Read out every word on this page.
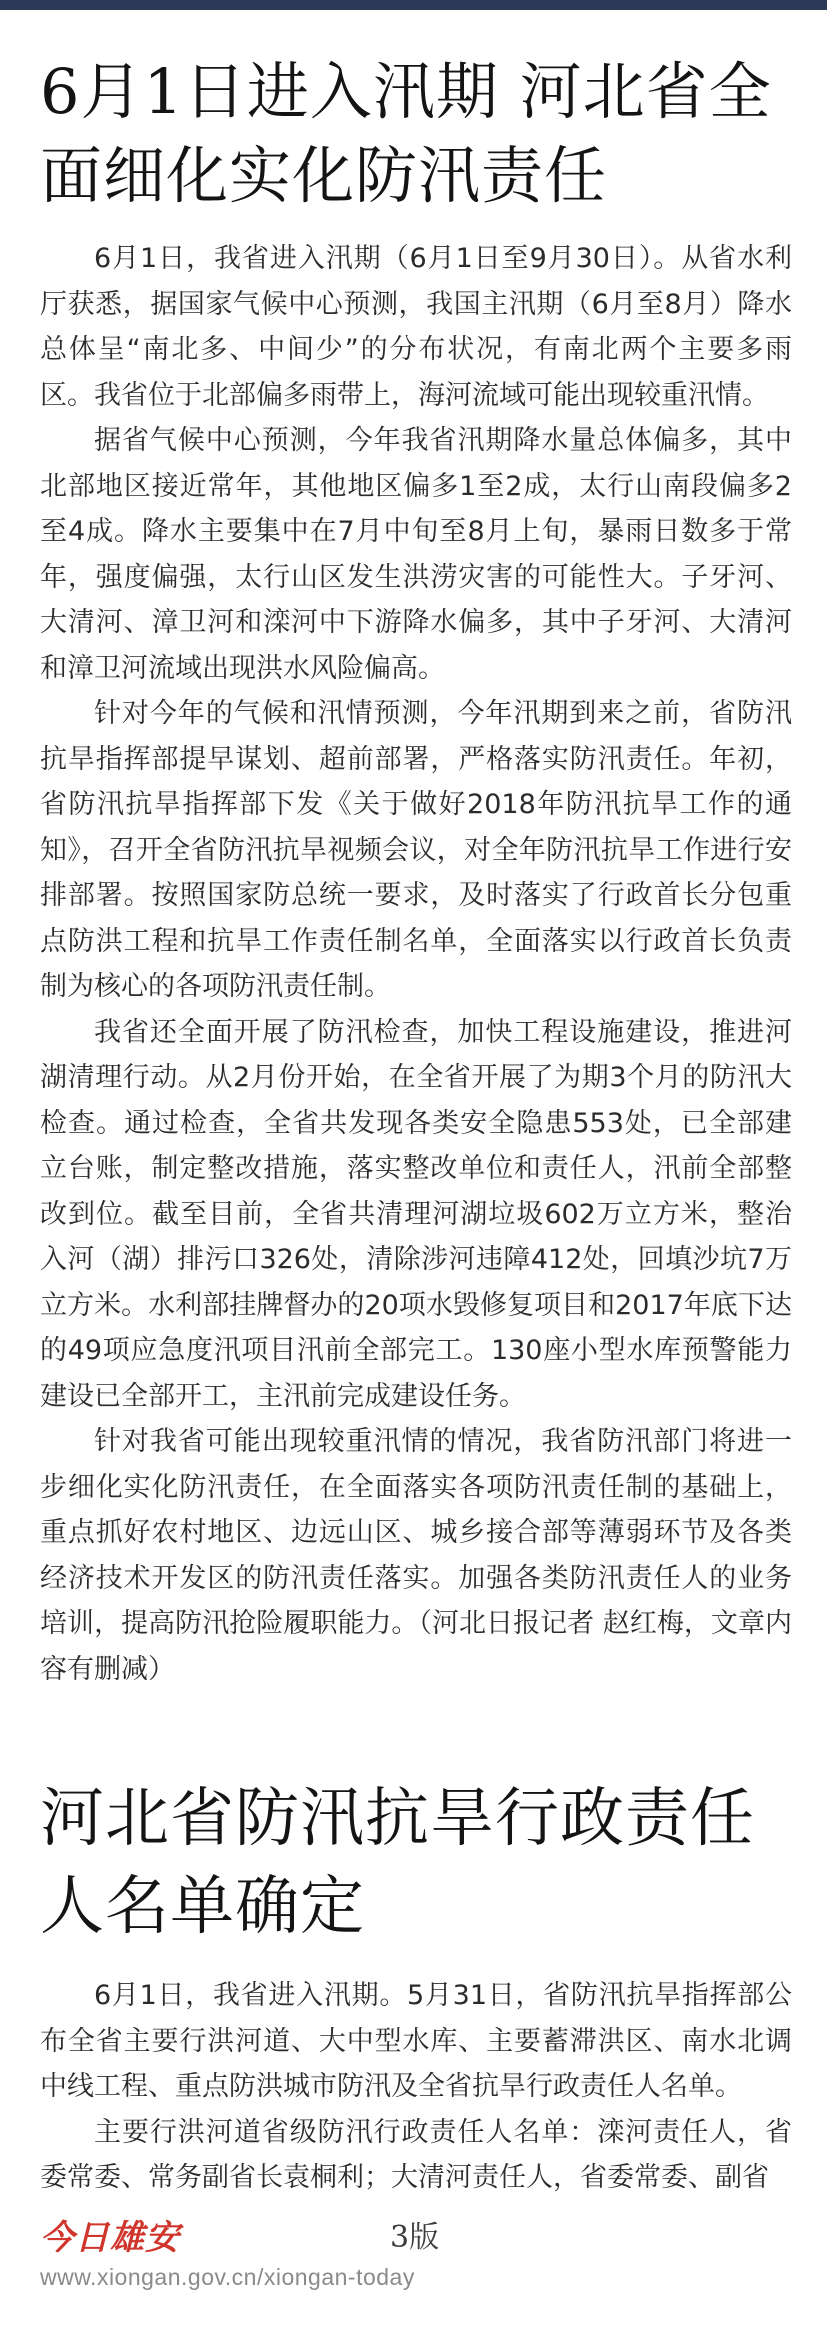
6月1日进入汛期 河北省全面细化实化防汛责任

6月1日，我省进入汛期（6月1日至9月30日）。从省水利厅获悉，据国家气候中心预测，我国主汛期（6月至8月）降水总体呈“南北多、中间少”的分布状况，有南北两个主要多雨区。我省位于北部偏多雨带上，海河流域可能出现较重汛情。

据省气候中心预测，今年我省汛期降水量总体偏多，其中北部地区接近常年，其他地区偏多1至2成，太行山南段偏多2至4成。降水主要集中在7月中旬至8月上旬，暴雨日数多于常年，强度偏强，太行山区发生洪涝灾害的可能性大。子牙河、大清河、漳卫河和滦河中下游降水偏多，其中子牙河、大清河和漳卫河流域出现洪水风险偏高。

针对今年的气候和汛情预测，今年汛期到来之前，省防汛抗旱指挥部提早谋划、超前部署，严格落实防汛责任。年初，省防汛抗旱指挥部下发《关于做好2018年防汛抗旱工作的通知》，召开全省防汛抗旱视频会议，对全年防汛抗旱工作进行安排部署。按照国家防总统一要求，及时落实了行政首长分包重点防洪工程和抗旱工作责任制名单，全面落实以行政首长负责制为核心的各项防汛责任制。

我省还全面开展了防汛检查，加快工程设施建设，推进河湖清理行动。从2月份开始，在全省开展了为期3个月的防汛大检查。通过检查，全省共发现各类安全隐患553处，已全部建立台账，制定整改措施，落实整改单位和责任人，汛前全部整改到位。截至目前，全省共清理河湖垃圾602万立方米，整治入河（湖）排污口326处，清除涉河违障412处，回填沙坑7万立方米。水利部挂牌督办的20项水毁修复项目和2017年底下达的49项应急度汛项目汛前全部完工。130座小型水库预警能力建设已全部开工，主汛前完成建设任务。

针对我省可能出现较重汛情的情况，我省防汛部门将进一步细化实化防汛责任，在全面落实各项防汛责任制的基础上，重点抓好农村地区、边远山区、城乡接合部等薄弱环节及各类经济技术开发区的防汛责任落实。加强各类防汛责任人的业务培训，提高防汛抢险履职能力。（河北日报记者 赵红梅，文章内容有删减）

河北省防汛抗旱行政责任人名单确定

6月1日，我省进入汛期。5月31日，省防汛抗旱指挥部公布全省主要行洪河道、大中型水库、主要蓄滞洪区、南水北调中线工程、重点防洪城市防汛及全省抗旱行政责任人名单。

主要行洪河道省级防汛行政责任人名单：滦河责任人，省委常委、常务副省长袁桐利；大清河责任人，省委常委、副省

今日雄安	3版
www.xiongan.gov.cn/xiongan-today
